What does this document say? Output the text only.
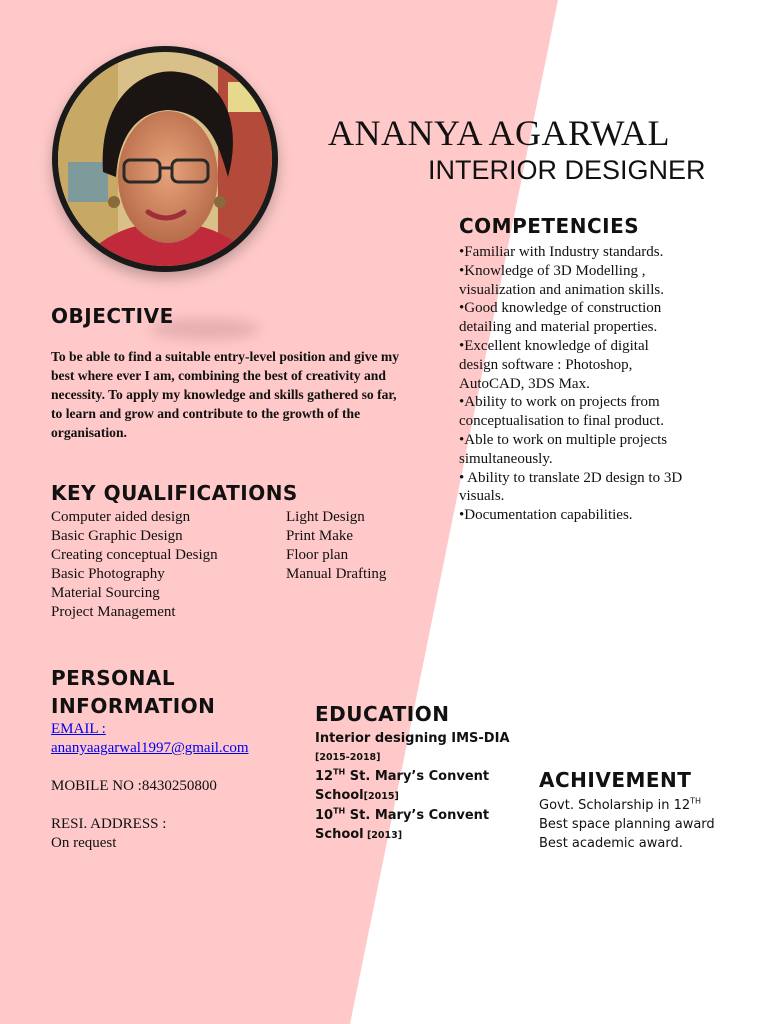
ANANYA AGARWAL
INTERIOR DESIGNER
COMPETENCIES
•Familiar with Industry standards.
•Knowledge of 3D Modelling ,
visualization and animation skills.
•Good knowledge of construction
detailing and material properties.
•Excellent knowledge of digital
design software : Photoshop,
AutoCAD, 3DS Max.
•Ability to work on projects from
conceptualisation to final product.
•Able to work on multiple projects
simultaneously.
• Ability to translate 2D design to 3D
visuals.
•Documentation capabilities.
OBJECTIVE
To be able to find a suitable entry-level position and give my best where ever I am, combining the best of creativity and necessity. To apply my knowledge and skills gathered so far, to learn and grow and contribute to the growth of the organisation.
KEY QUALIFICATIONS
Computer aided design
Basic Graphic Design
Creating conceptual Design
Basic Photography
Material Sourcing
Project Management
Light Design
Print Make
Floor plan
Manual Drafting
PERSONAL INFORMATION
EMAIL :
ananyaagarwal1997@gmail.com
MOBILE NO :8430250800
RESI. ADDRESS :
On request
EDUCATION
Interior designing IMS-DIA
[2015-2018]
12TH St. Mary’s Convent School[2015]
10TH St. Mary’s Convent School [2013]
ACHIVEMENT
Govt. Scholarship in 12TH
Best space planning award
Best academic award.
